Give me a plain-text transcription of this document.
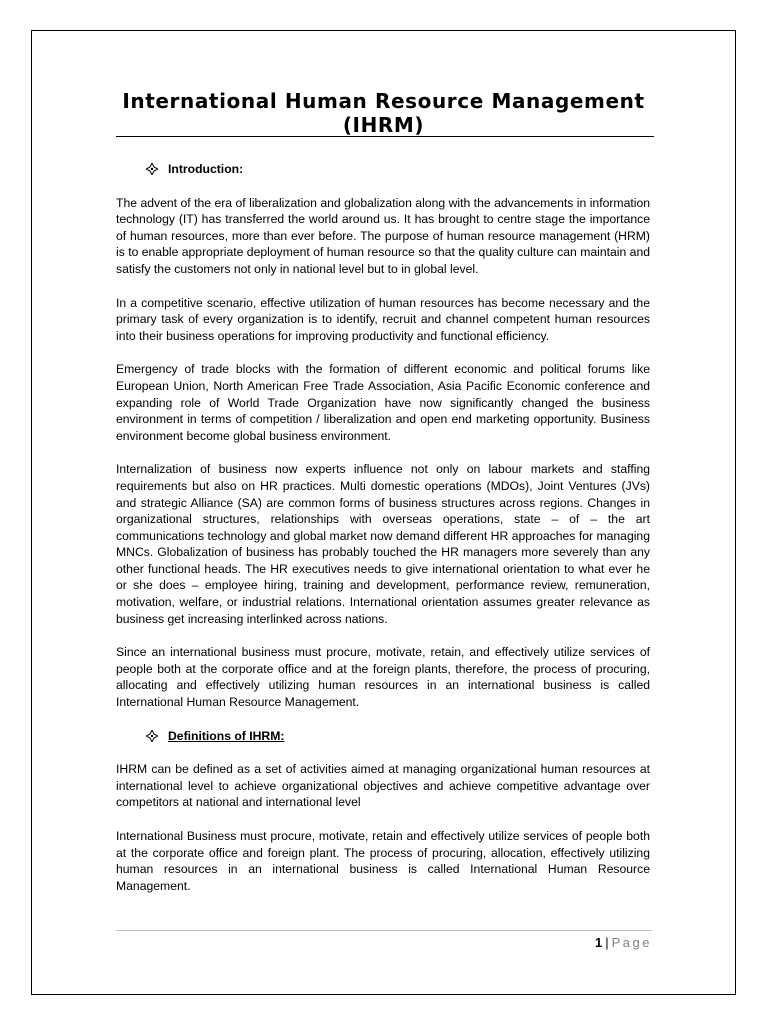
International Human Resource Management (IHRM)
Introduction:

The advent of the era of liberalization and globalization along with the advancements in information technology (IT) has transferred the world around us. It has brought to centre stage the importance of human resources, more than ever before. The purpose of human resource management (HRM) is to enable appropriate deployment of human resource so that the quality culture can maintain and satisfy the customers not only in national level but to in global level.

In a competitive scenario, effective utilization of human resources has become necessary and the primary task of every organization is to identify, recruit and channel competent human resources into their business operations for improving productivity and functional efficiency.

Emergency of trade blocks with the formation of different economic and political forums like European Union, North American Free Trade Association, Asia Pacific Economic conference and expanding role of World Trade Organization have now significantly changed the business environment in terms of competition / liberalization and open end marketing opportunity. Business environment become global business environment.

Internalization of business now experts influence not only on labour markets and staffing requirements but also on HR practices. Multi domestic operations (MDOs), Joint Ventures (JVs) and strategic Alliance (SA) are common forms of business structures across regions. Changes in organizational structures, relationships with overseas operations, state – of – the art communications technology and global market now demand different HR approaches for managing MNCs. Globalization of business has probably touched the HR managers more severely than any other functional heads. The HR executives needs to give international orientation to what ever he or she does – employee hiring, training and development, performance review, remuneration, motivation, welfare, or industrial relations. International orientation assumes greater relevance as business get increasing interlinked across nations.

Since an international business must procure, motivate, retain, and effectively utilize services of people both at the corporate office and at the foreign plants, therefore, the process of procuring, allocating and effectively utilizing human resources in an international business is called International Human Resource Management.

Definitions of IHRM:

IHRM can be defined as a set of activities aimed at managing organizational human resources at international level to achieve organizational objectives and achieve competitive advantage over competitors at national and international level

International Business must procure, motivate, retain and effectively utilize services of people both at the corporate office and foreign plant. The process of procuring, allocation, effectively utilizing human resources in an international business is called International Human Resource Management.

1 | Page
